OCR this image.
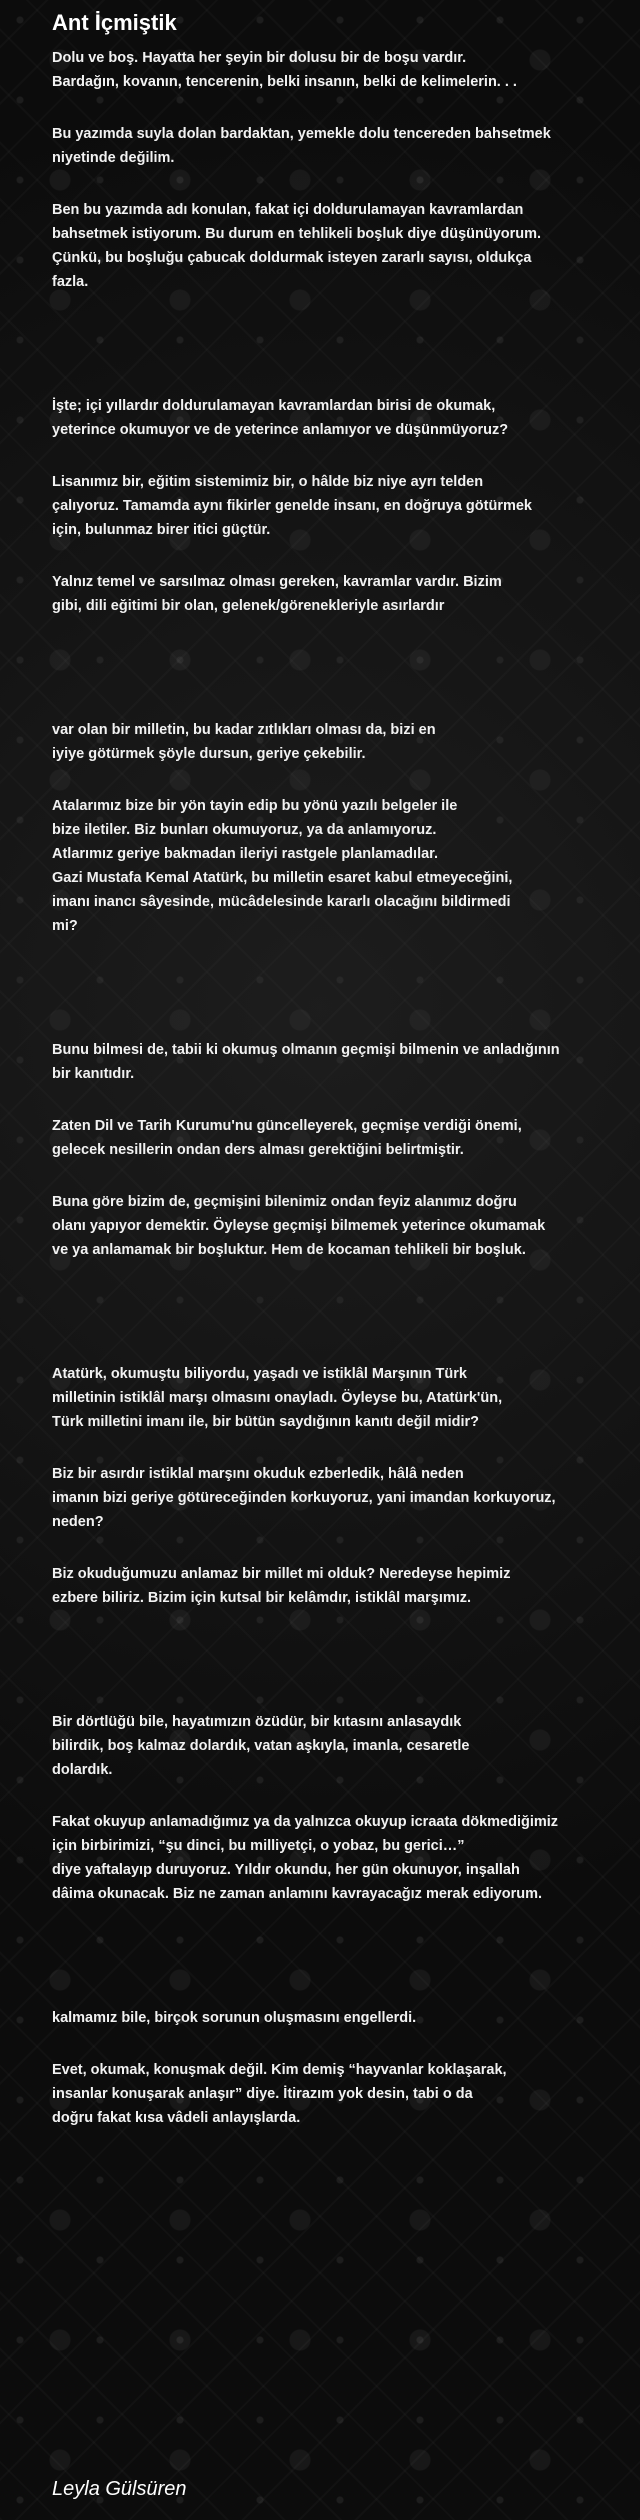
Ant İçmiştik

Dolu ve boş. Hayatta her şeyin bir dolusu bir de boşu vardır.
Bardağın, kovanın, tencerenin, belki insanın, belki de kelimelerin. . .

Bu yazımda suyla dolan bardaktan, yemekle dolu tencereden bahsetmek
niyetinde değilim.

Ben bu yazımda adı konulan, fakat içi doldurulamayan kavramlardan
bahsetmek istiyorum. Bu durum en tehlikeli boşluk diye düşünüyorum.
Çünkü, bu boşluğu çabucak doldurmak isteyen zararlı sayısı, oldukça
fazla.

İşte; içi yıllardır doldurulamayan kavramlardan birisi de okumak,
yeterince okumuyor ve de yeterince anlamıyor ve düşünmüyoruz?

Lisanımız bir, eğitim sistemimiz bir, o hâlde biz niye ayrı telden
çalıyoruz. Tamamda aynı fikirler genelde insanı, en doğruya götürmek
için, bulunmaz birer itici güçtür.

Yalnız temel ve sarsılmaz olması gereken, kavramlar vardır. Bizim
gibi, dili eğitimi bir olan, gelenek/göreneklеriyle asırlardır

var olan bir milletin, bu kadar zıtlıkları olması da, bizi en
iyiye götürmek şöyle dursun, geriye çekebilir.

Atalarımız bize bir yön tayin edip bu yönü yazılı belgeler ile
bize iletiler. Biz bunları okumuyoruz, ya da anlamıyoruz.
Atlarımız geriye bakmadan ileriyi rastgele planlamadılar.
Gazi Mustafa Kemal Atatürk, bu milletin esaret kabul etmeyeceğini,
imanı inancı sâyesinde, mücâdelesinde kararlı olacağını bildirmedi
mi?

Bunu bilmesi de, tabii ki okumuş olmanın geçmişi bilmenin ve anladığının
bir kanıtıdır.

Zaten Dil ve Tarih Kurumu'nu güncelleyerek, geçmişe verdiği önemi,
gelecek nesillerin ondan ders alması gerektiğini belirtmiştir.

Buna göre bizim de, geçmişini bilenimiz ondan feyiz alanımız doğru
olanı yapıyor demektir. Öyleyse geçmişi bilmemek yeterince okumamak
ve ya anlamamak bir boşluktur. Hem de kocaman tehlikeli bir boşluk.

Atatürk, okumuştu biliyordu, yaşadı ve istiklâl Marşının Türk
milletinin istiklâl marşı olmasını onayladı. Öyleyse bu, Atatürk'ün,
Türk milletini imanı ile, bir bütün saydığının kanıtı değil midir?

Biz bir asırdır istiklal marşını okuduk ezberledik, hâlâ neden
imanın bizi geriye götüreceğinden korkuyoruz, yani imandan korkuyoruz,
neden?

Biz okuduğumuzu anlamaz bir millet mi olduk? Neredeyse hepimiz
ezbere biliriz. Bizim için kutsal bir kelâmdır, istiklâl marşımız.

Bir dörtlüğü bile, hayatımızın özüdür, bir kıtasını anlasaydık
bilirdik, boş kalmaz dolardık, vatan aşkıyla, imanla, cesaretle
dolardık.

Fakat okuyup anlamadığımız ya da yalnızca okuyup icraata dökmediğimiz
için birbirimizi, “şu dinci, bu milliyetçi, o yobaz, bu gerici…”
diye yaftalayıp duruyoruz. Yıldır okundu, her gün okunuyor, inşallah
dâima okunacak. Biz ne zaman anlamını kavrayacağız merak ediyorum.

kalmamız bile, birçok sorunun oluşmasını engellerdi.

Evet, okumak, konuşmak değil. Kim demiş “hayvanlar koklaşarak,
insanlar konuşarak anlaşır” diye. İtirazım yok desin, tabi o da
doğru fakat kısa vâdeli anlayışlarda.

Leyla Gülsüren
